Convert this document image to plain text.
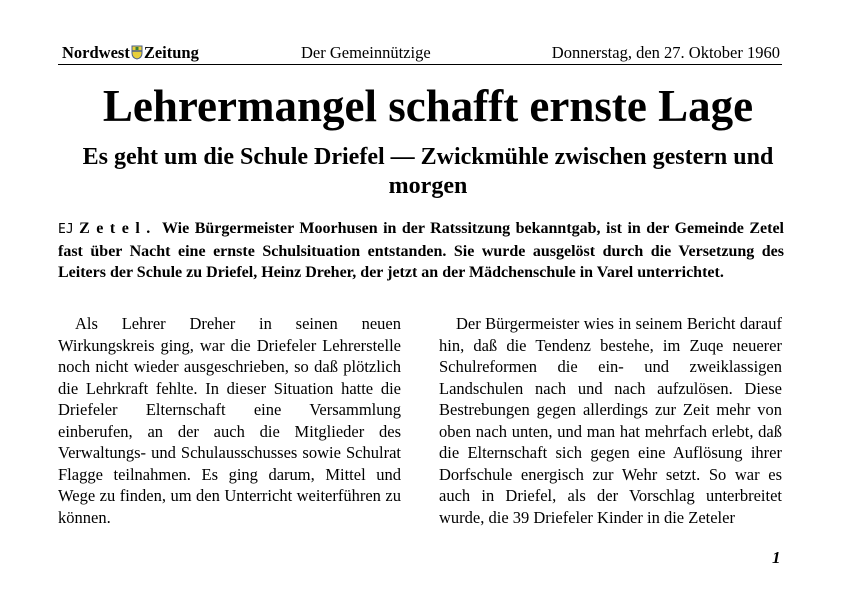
Nordwest Zeitung	Der Gemeinnützige	Donnerstag, den 27. Oktober 1960
Lehrermangel schafft ernste Lage
Es geht um die Schule Driefel — Zwickmühle zwischen gestern und morgen

EJ Zetel. Wie Bürgermeister Moorhusen in der Ratssitzung bekanntgab, ist in der Gemeinde Zetel fast über Nacht eine ernste Schulsituation entstanden. Sie wurde ausgelöst durch die Versetzung des Leiters der Schule zu Driefel, Heinz Dreher, der jetzt an der Mädchenschule in Varel unterrichtet.

Als Lehrer Dreher in seinen neuen Wirkungskreis ging, war die Driefeler Lehrerstelle noch nicht wieder ausgeschrieben, so daß plötzlich die Lehrkraft fehlte. In dieser Situation hatte die Driefeler Elternschaft eine Versammlung einberufen, an der auch die Mitglieder des Verwaltungs- und Schulausschusses sowie Schulrat Flagge teilnahmen. Es ging darum, Mittel und Wege zu finden, um den Unterricht weiterführen zu können.

Der Bürgermeister wies in seinem Bericht darauf hin, daß die Tendenz bestehe, im Zuqe neuerer Schulreformen die ein- und zweiklassigen Landschulen nach und nach aufzulösen. Diese Bestrebungen gegen allerdings zur Zeit mehr von oben nach unten, und man hat mehrfach erlebt, daß die Elternschaft sich gegen eine Auflösung ihrer Dorfschule energisch zur Wehr setzt. So war es auch in Driefel, als der Vorschlag unterbreitet wurde, die 39 Driefeler Kinder in die Zeteler

1
